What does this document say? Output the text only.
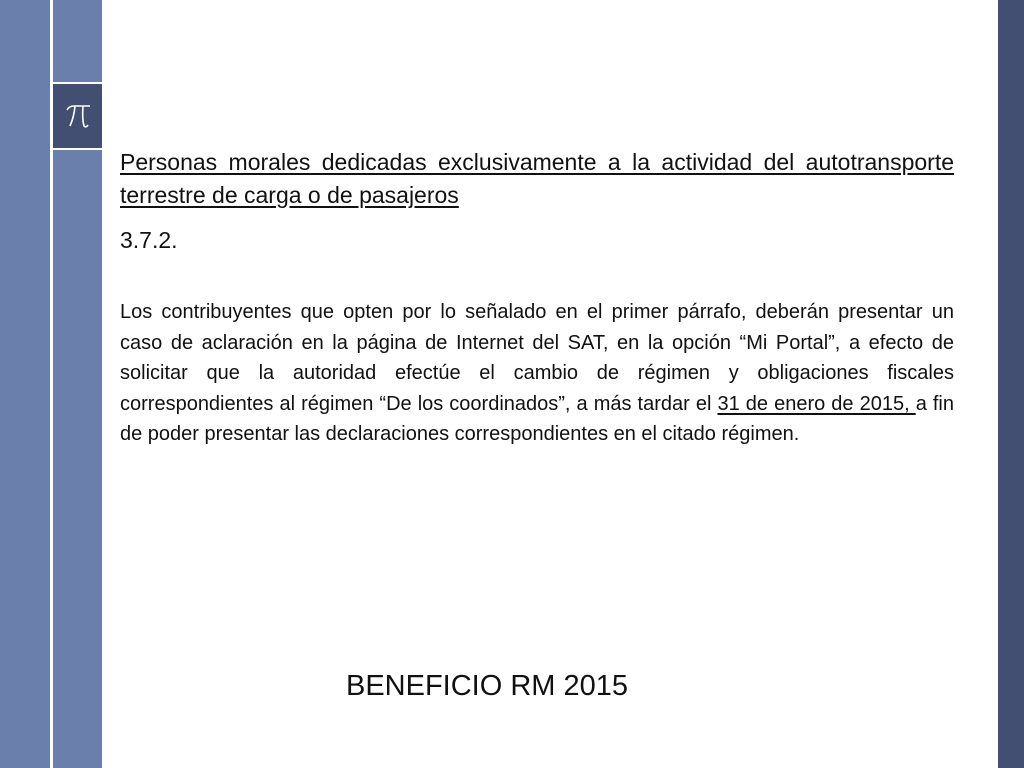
Personas morales dedicadas exclusivamente a la actividad del autotransporte terrestre de carga o de pasajeros

3.7.2.

Los contribuyentes que opten por lo señalado en el primer párrafo, deberán presentar un caso de aclaración en la página de Internet del SAT, en la opción “Mi Portal”, a efecto de solicitar que la autoridad efectúe el cambio de régimen y obligaciones fiscales correspondientes al régimen “De los coordinados”, a más tardar el 31 de enero de 2015, a fin de poder presentar las declaraciones correspondientes en el citado régimen.

BENEFICIO RM 2015
